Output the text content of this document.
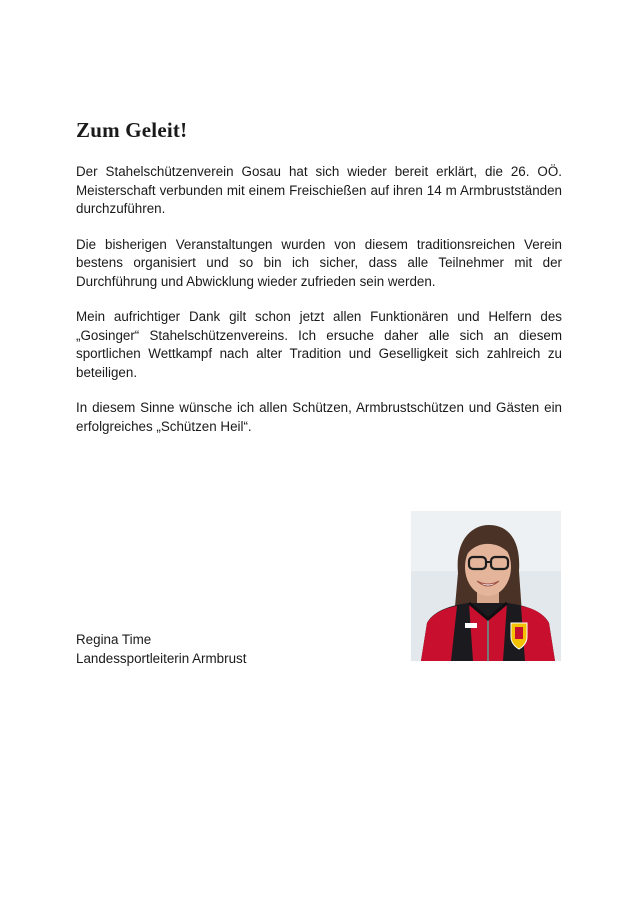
Zum Geleit!

Der Stahelschützenverein Gosau hat sich wieder bereit erklärt, die 26. OÖ. Meisterschaft verbunden mit einem Freischießen auf ihren 14 m Armbrustständen durchzuführen.

Die bisherigen Veranstaltungen wurden von diesem traditionsreichen Verein bestens organisiert und so bin ich sicher, dass alle Teilnehmer mit der Durchführung und Abwicklung wieder zufrieden sein werden.

Mein aufrichtiger Dank gilt schon jetzt allen Funktionären und Helfern des „Gosinger“ Stahelschützenvereins. Ich ersuche daher alle sich an diesem sportlichen Wettkampf nach alter Tradition und Geselligkeit sich zahlreich zu beteiligen.

In diesem Sinne wünsche ich allen Schützen, Armbrustschützen und Gästen ein erfolgreiches „Schützen Heil“.

Regina Time
Landessportleiterin Armbrust
